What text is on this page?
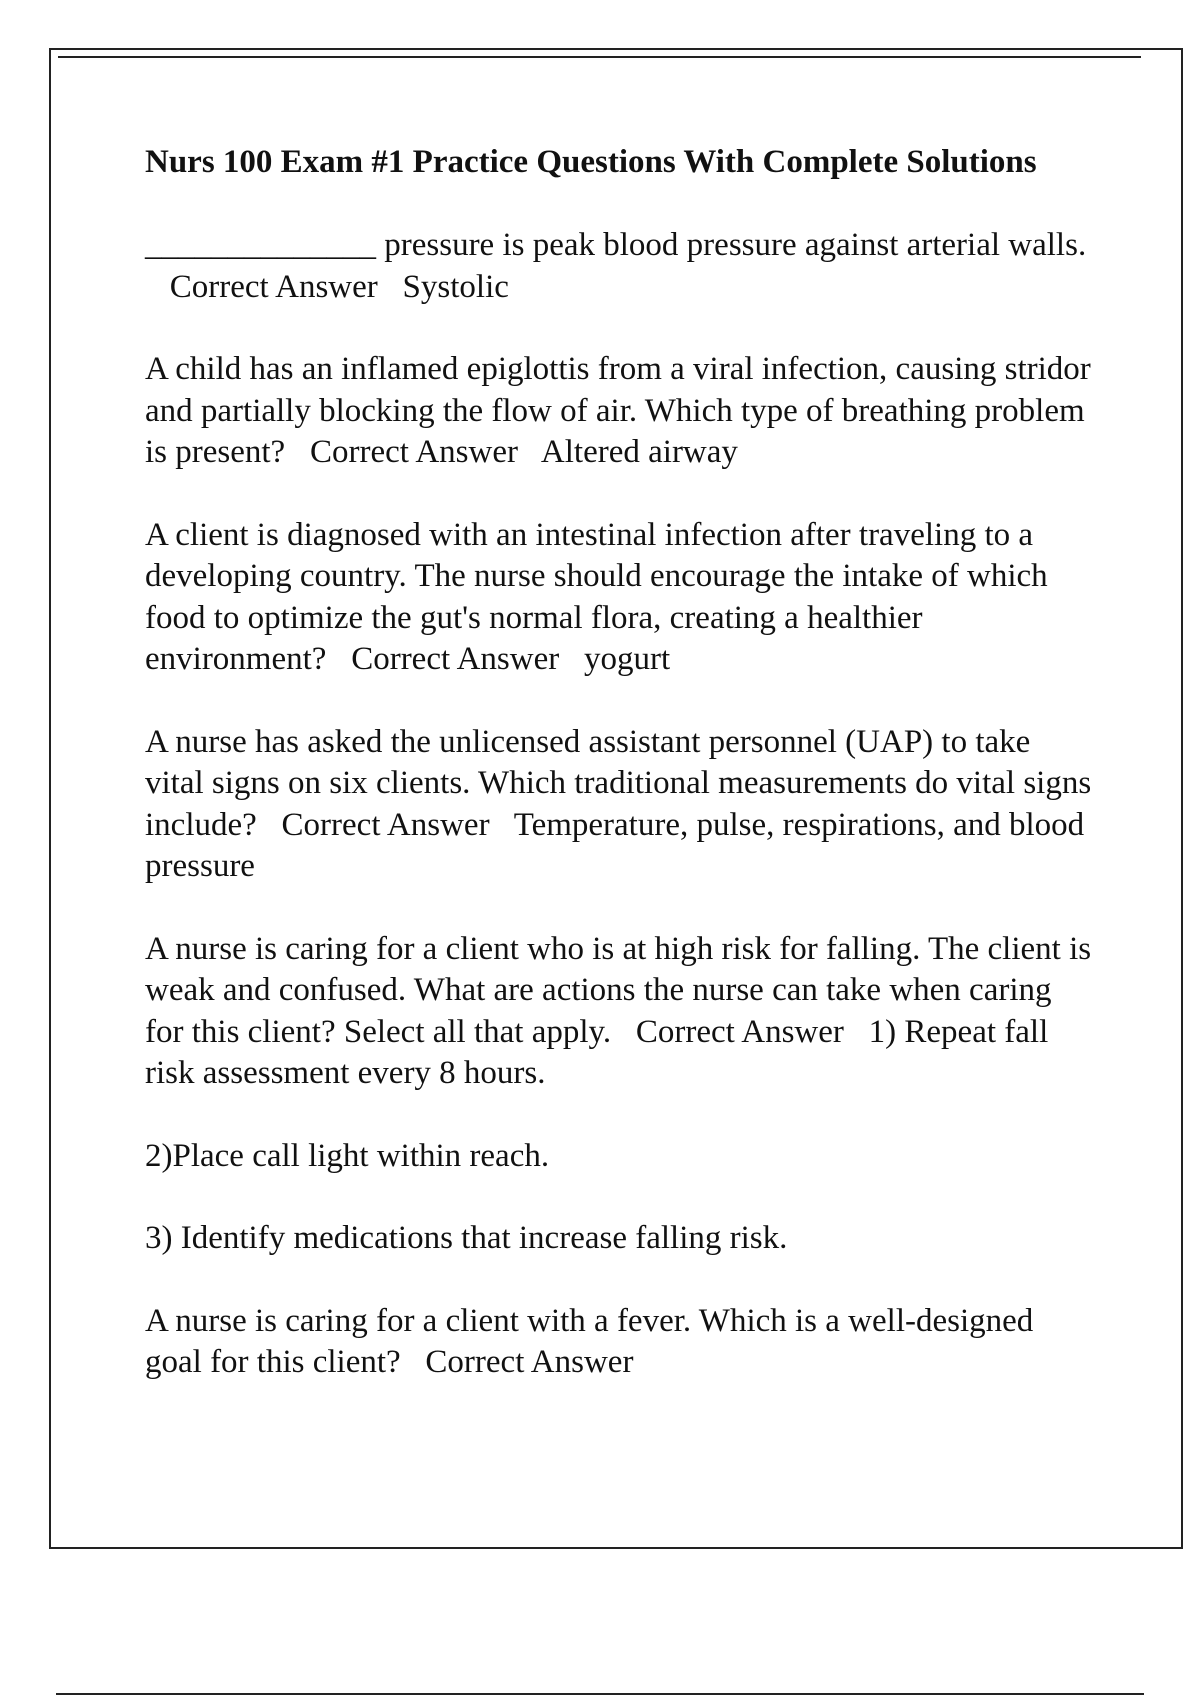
Nurs 100 Exam #1 Practice Questions With Complete Solutions
______________ pressure is peak blood pressure against arterial walls.   Correct Answer Systolic
A child has an inflamed epiglottis from a viral infection, causing stridor and partially blocking the flow of air. Which type of breathing problem is present? Correct Answer Altered airway
A client is diagnosed with an intestinal infection after traveling to a developing country. The nurse should encourage the intake of which food to optimize the gut's normal flora, creating a healthier environment? Correct Answer yogurt
A nurse has asked the unlicensed assistant personnel (UAP) to take vital signs on six clients. Which traditional measurements do vital signs include? Correct Answer Temperature, pulse, respirations, and blood pressure
A nurse is caring for a client who is at high risk for falling. The client is weak and confused. What are actions the nurse can take when caring for this client? Select all that apply. Correct Answer 1) Repeat fall risk assessment every 8 hours.
2)Place call light within reach.
3) Identify medications that increase falling risk.
A nurse is caring for a client with a fever. Which is a well-designed goal for this client? Correct Answer
